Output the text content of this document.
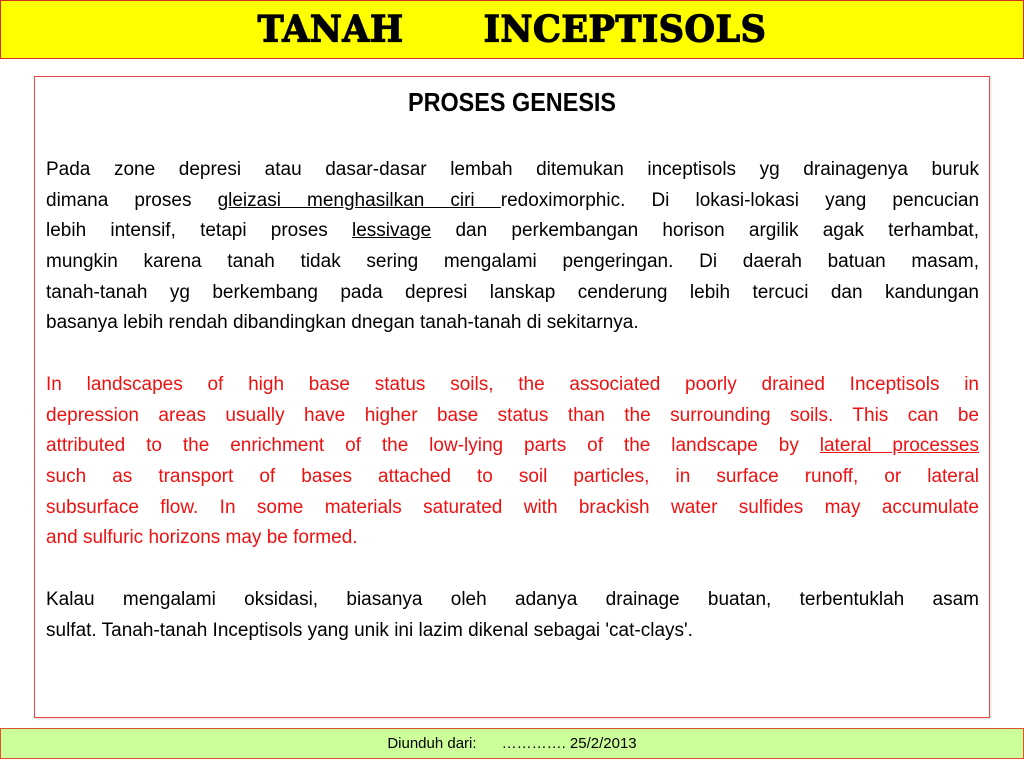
TANAH   INCEPTISOLS
PROSES GENESIS
Pada zone depresi atau dasar-dasar lembah ditemukan inceptisols yg drainagenya buruk
dimana proses gleizasi menghasilkan ciri redoximorphic. Di lokasi-lokasi yang pencucian
lebih intensif, tetapi proses lessivage dan perkembangan horison argilik agak terhambat,
mungkin karena tanah tidak sering mengalami pengeringan. Di daerah batuan masam,
tanah-tanah yg berkembang pada depresi lanskap cenderung lebih tercuci dan kandungan
basanya lebih rendah dibandingkan dnegan tanah-tanah di sekitarnya.
In landscapes of high base status soils, the associated poorly drained Inceptisols in
depression areas usually have higher base status than the surrounding soils. This can be
attributed to the enrichment of the low-lying parts of the landscape by lateral processes
such as transport of bases attached to soil particles, in surface runoff, or lateral
subsurface flow. In some materials saturated with brackish water sulfides may accumulate
and sulfuric horizons may be formed.
Kalau mengalami oksidasi, biasanya oleh adanya drainage buatan, terbentuklah asam
sulfat. Tanah-tanah Inceptisols yang unik ini lazim dikenal sebagai 'cat-clays'.
Diunduh dari:
…………. 25/2/2013
